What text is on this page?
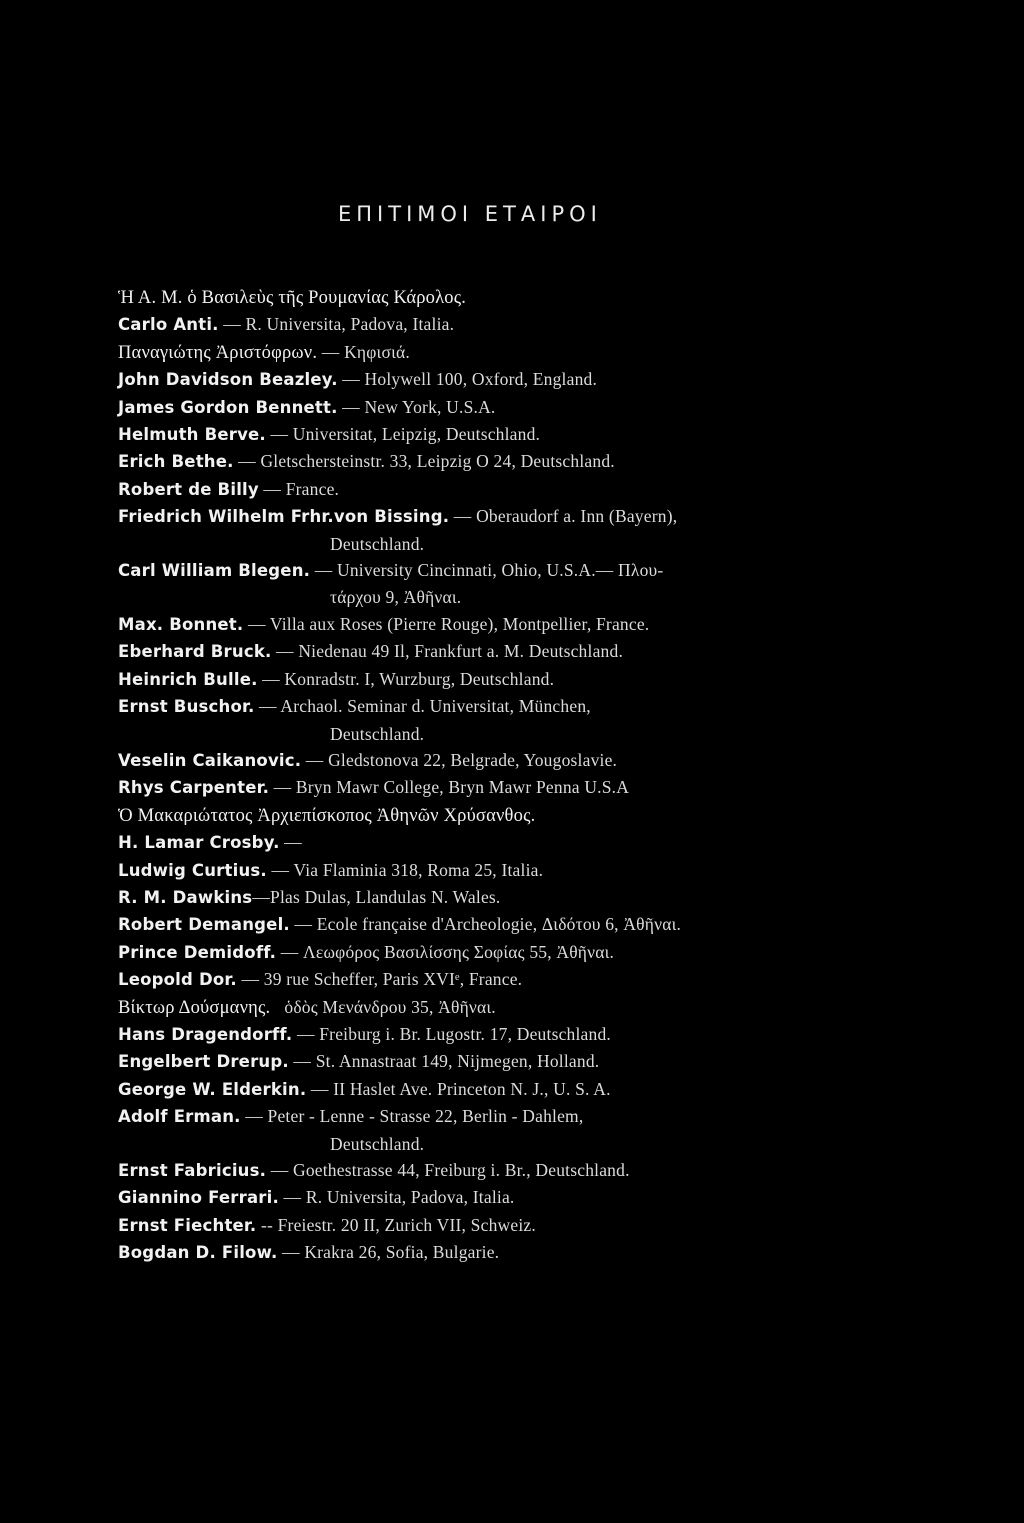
ΕΠΙΤΙΜΟΙ ΕΤΑΙΡΟΙ
Ἡ Α. Μ. ὁ Βασιλεὺς τῆς Ρουμανίας Κάρολος.
Carlo Anti. — R. Universita, Padova, Italia.
Παναγιώτης Ἀριστόφρων. — Κηφισιά.
John Davidson Beazley. — Holywell 100, Oxford, England.
James Gordon Bennett. — New York, U.S.A.
Helmuth Berve. — Universitat, Leipzig, Deutschland.
Erich Bethe. — Gletschersteinstr. 33, Leipzig O 24, Deutschland.
Robert de Billy — France.
Friedrich Wilhelm Frhr.von Bissing. — Oberaudorf a. Inn (Bayern),
Deutschland.
Carl William Blegen. — University Cincinnati, Ohio, U.S.A.— Πλου-
τάρχου 9, Ἀθῆναι.
Max. Bonnet. — Villa aux Roses (Pierre Rouge), Montpellier, France.
Eberhard Bruck. — Niedenau 49 Il, Frankfurt a. M. Deutschland.
Heinrich Bulle. — Konradstr. I, Wurzburg, Deutschland.
Ernst Buschor. — Archaol. Seminar d. Universitat, München,
Deutschland.
Veselin Caikanovic. — Gledstonova 22, Belgrade, Yougoslavie.
Rhys Carpenter. — Bryn Mawr College, Bryn Mawr Penna U.S.A
Ὁ Μακαριώτατος Ἀρχιεπίσκοπος Ἀθηνῶν Χρύσανθος.
H. Lamar Crosby. —
Ludwig Curtius. — Via Flaminia 318, Roma 25, Italia.
R. M. Dawkins—Plas Dulas, Llandulas N. Wales.
Robert Demangel. — Ecole française d'Archeologie, Διδότου 6, Ἀθῆναι.
Prince Demidoff. — Λεωφόρος Βασιλίσσης Σοφίας 55, Ἀθῆναι.
Leopold Dor. — 39 rue Scheffer, Paris XVIᵉ, France.
Βίκτωρ Δούσμανης. ὁδὸς Μενάνδρου 35, Ἀθῆναι.
Hans Dragendorff. — Freiburg i. Br. Lugostr. 17, Deutschland.
Engelbert Drerup. — St. Annastraat 149, Nijmegen, Holland.
George W. Elderkin. — II Haslet Ave. Princeton N. J., U. S. A.
Adolf Erman. — Peter - Lenne - Strasse 22, Berlin - Dahlem,
Deutschland.
Ernst Fabricius. — Goethestrasse 44, Freiburg i. Br., Deutschland.
Giannino Ferrari. — R. Universita, Padova, Italia.
Ernst Fiechter. -- Freiestr. 20 II, Zurich VII, Schweiz.
Bogdan D. Filow. — Krakra 26, Sofia, Bulgarie.
